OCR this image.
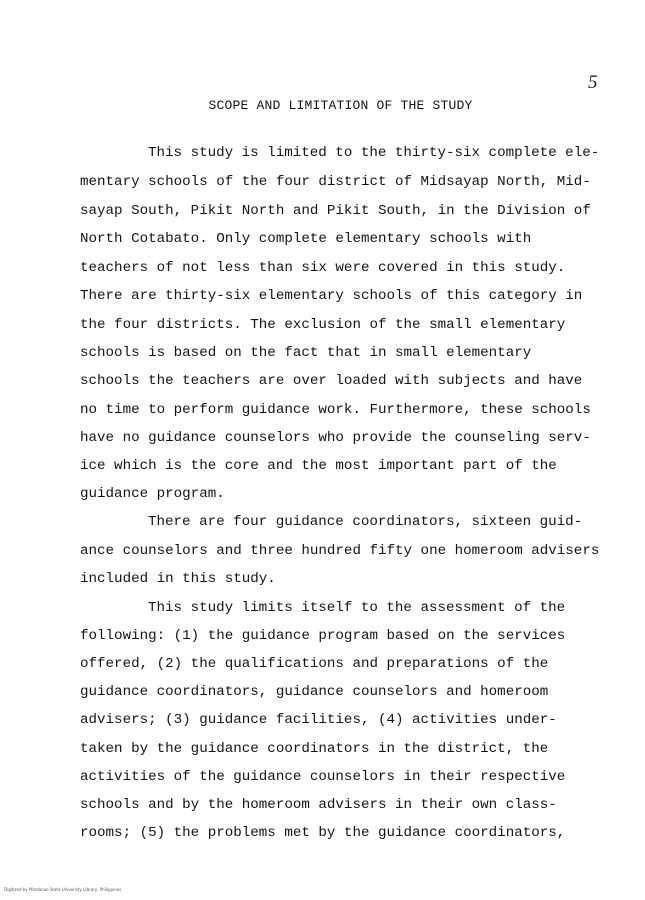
5
SCOPE AND LIMITATION OF THE STUDY
This study is limited to the thirty-six complete ele-
mentary schools of the four district of Midsayap North, Mid-
sayap South, Pikit North and Pikit South, in the Division of
North Cotabato. Only complete elementary schools with
teachers of not less than six were covered in this study.
There are thirty-six elementary schools of this category in
the four districts. The exclusion of the small elementary
schools is based on the fact that in small elementary
schools the teachers are over loaded with subjects and have
no time to perform guidance work. Furthermore, these schools
have no guidance counselors who provide the counseling serv-
ice which is the core and the most important part of the
guidance program.
There are four guidance coordinators, sixteen guid-
ance counselors and three hundred fifty one homeroom advisers
included in this study.
This study limits itself to the assessment of the
following: (1) the guidance program based on the services
offered, (2) the qualifications and preparations of the
guidance coordinators, guidance counselors and homeroom
advisers; (3) guidance facilities, (4) activities under-
taken by the guidance coordinators in the district, the
activities of the guidance counselors in their respective
schools and by the homeroom advisers in their own class-
rooms; (5) the problems met by the guidance coordinators,
Digitized by Mindanao State University Library, Philippines
